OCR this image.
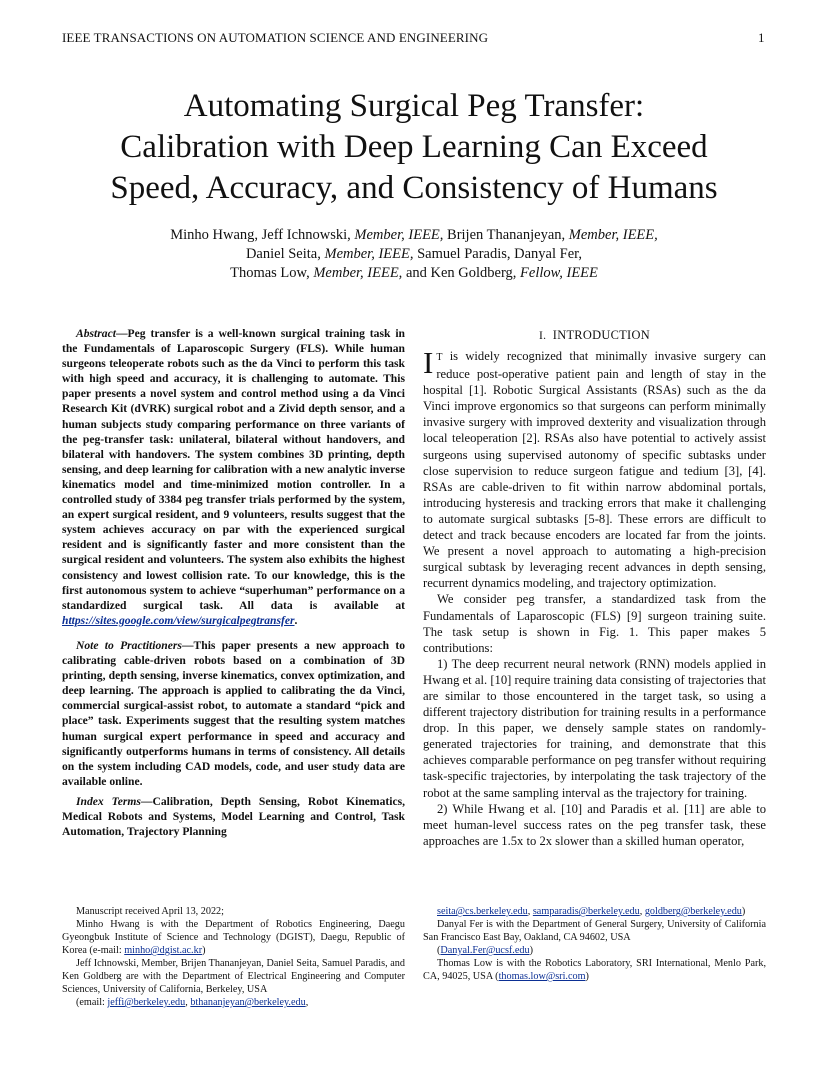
IEEE TRANSACTIONS ON AUTOMATION SCIENCE AND ENGINEERING	1
Automating Surgical Peg Transfer:
Calibration with Deep Learning Can Exceed
Speed, Accuracy, and Consistency of Humans
Minho Hwang, Jeff Ichnowski, Member, IEEE, Brijen Thananjeyan, Member, IEEE,
Daniel Seita, Member, IEEE, Samuel Paradis, Danyal Fer,
Thomas Low, Member, IEEE, and Ken Goldberg, Fellow, IEEE

Abstract—Peg transfer is a well-known surgical training task in the Fundamentals of Laparoscopic Surgery (FLS). While human surgeons teleoperate robots such as the da Vinci to perform this task with high speed and accuracy, it is challenging to automate. This paper presents a novel system and control method using a da Vinci Research Kit (dVRK) surgical robot and a Zivid depth sensor, and a human subjects study comparing performance on three variants of the peg-transfer task: unilateral, bilateral without handovers, and bilateral with handovers. The system combines 3D printing, depth sensing, and deep learning for calibration with a new analytic inverse kinematics model and time-minimized motion controller. In a controlled study of 3384 peg transfer trials performed by the system, an expert surgical resident, and 9 volunteers, results suggest that the system achieves accuracy on par with the experienced surgical resident and is significantly faster and more consistent than the surgical resident and volunteers. The system also exhibits the highest consistency and lowest collision rate. To our knowledge, this is the first autonomous system to achieve “superhuman” performance on a standardized surgical task. All data is available at https://sites.google.com/view/surgicalpegtransfer.

Note to Practitioners—This paper presents a new approach to calibrating cable-driven robots based on a combination of 3D printing, depth sensing, inverse kinematics, convex optimization, and deep learning. The approach is applied to calibrating the da Vinci, commercial surgical-assist robot, to automate a standard “pick and place” task. Experiments suggest that the resulting system matches human surgical expert performance in speed and accuracy and significantly outperforms humans in terms of consistency. All details on the system including CAD models, code, and user study data are available online.

Index Terms—Calibration, Depth Sensing, Robot Kinematics, Medical Robots and Systems, Model Learning and Control, Task Automation, Trajectory Planning

I. INTRODUCTION

I T is widely recognized that minimally invasive surgery can reduce post-operative patient pain and length of stay in the hospital [1]. Robotic Surgical Assistants (RSAs) such as the da Vinci improve ergonomics so that surgeons can perform minimally invasive surgery with improved dexterity and visualization through local teleoperation [2]. RSAs also have potential to actively assist surgeons using supervised autonomy of specific subtasks under close supervision to reduce surgeon fatigue and tedium [3], [4]. RSAs are cable-driven to fit within narrow abdominal portals, introducing hysteresis and tracking errors that make it challenging to automate surgical subtasks [5-8]. These errors are difficult to detect and track because encoders are located far from the joints. We present a novel approach to automating a high-precision surgical subtask by leveraging recent advances in depth sensing, recurrent dynamics modeling, and trajectory optimization.

We consider peg transfer, a standardized task from the Fundamentals of Laparoscopic (FLS) [9] surgeon training suite. The task setup is shown in Fig. 1. This paper makes 5 contributions:

1) The deep recurrent neural network (RNN) models applied in Hwang et al. [10] require training data consisting of trajectories that are similar to those encountered in the target task, so using a different trajectory distribution for training results in a performance drop. In this paper, we densely sample states on randomly-generated trajectories for training, and demonstrate that this achieves comparable performance on peg transfer without requiring task-specific trajectories, by interpolating the task trajectory of the robot at the same sampling interval as the trajectory for training.

2) While Hwang et al. [10] and Paradis et al. [11] are able to meet human-level success rates on the peg transfer task, these approaches are 1.5x to 2x slower than a skilled human operator,

Manuscript received April 13, 2022;

Minho Hwang is with the Department of Robotics Engineering, Daegu Gyeongbuk Institute of Science and Technology (DGIST), Daegu, Republic of Korea (e-mail: minho@dgist.ac.kr)

Jeff Ichnowski, Member, Brijen Thananjeyan, Daniel Seita, Samuel Paradis, and Ken Goldberg are with the Department of Electrical Engineering and Computer Sciences, University of California, Berkeley, USA

(email: jeffi@berkeley.edu, bthananjeyan@berkeley.edu,

seita@cs.berkeley.edu, samparadis@berkeley.edu, goldberg@berkeley.edu)

Danyal Fer is with the Department of General Surgery, University of California San Francisco East Bay, Oakland, CA 94602, USA

(Danyal.Fer@ucsf.edu)

Thomas Low is with the Robotics Laboratory, SRI International, Menlo Park, CA, 94025, USA (thomas.low@sri.com)
